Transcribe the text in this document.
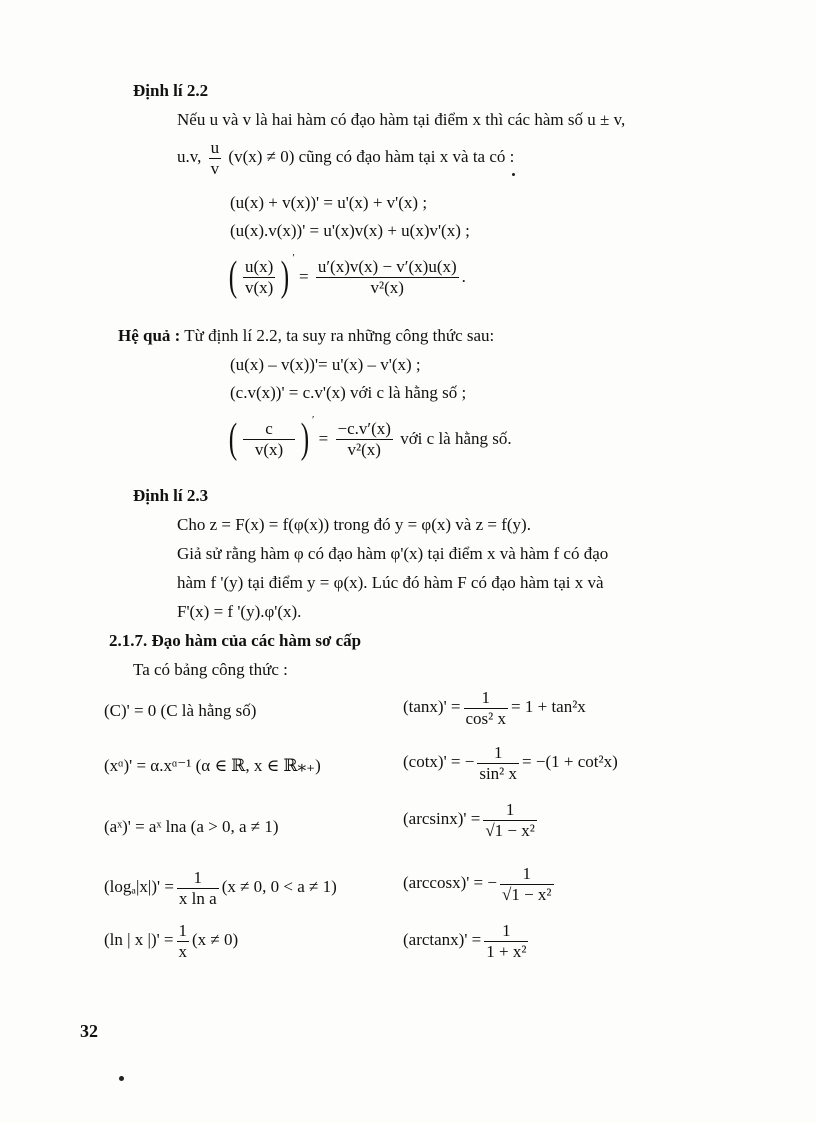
Định lí 2.2
Nếu u và v là hai hàm có đạo hàm tại điểm x thì các hàm số u ± v,
u.v, $\frac{u}{v} (v(x) \ne 0)$ cũng có đạo hàm tại x và ta có :
(u(x) + v(x))' = u'(x) + v'(x) ;
(u(x).v(x))' = u'(x)v(x) + u(x)v'(x) ;
( $\frac{u(x)}{v(x)}$ ) $' = \frac{u'(x)v(x) - v'(x)u(x)}{\text{v²(x)}}$ .
Hệ quả : Từ định lí 2.2, ta suy ra những công thức sau:
(u(x) – v(x))'= u'(x) – v'(x) ;
(c.v(x))' = c.v'(x) với c là hằng số ;
( $\frac{c}{v(x)}$ ) $' = \frac{-c.v'(x)}{\text{v²(x)}}$ với c là hằng số.
Định lí 2.3
Cho z = F(x) = f(φ(x)) trong đó y = φ(x) và z = f(y).
Giả sử rằng hàm φ có đạo hàm φ'(x) tại điểm x và hàm f có đạo
hàm f '(y) tại điểm y = φ(x). Lúc đó hàm F có đạo hàm tại x và
F'(x) = f '(y).φ'(x).
2.1.7. Đạo hàm của các hàm sơ cấp
Ta có bảng công thức :
(C)' = 0 (C là hằng số)	$(\tan x)' = \frac{1}{\text{cos² x}} = 1 + \tan^2x$
(xᵅ)' = α.xᵅ⁻¹ (α ∈ ℝ, x ∈ ℝ⁎₊)	(cotx)' = − $\frac{1}{\text{sin² x}} = -(1 + \cot^2x)$
(aˣ)' = aˣ lna (a > 0, a ≠ 1)	$(\arcsin x)' = \frac{1}{\text{√1 − x²}}$
$(\log_a|x|)' = \frac{1}{\text{x ln a}} (x \ne 0$, 0 < a ≠ 1)	(arccosx)' = − $\frac{1}{\text{√1 − x²}}$
(ln | x |)' = $\frac{1}{x} (x \ne 0)$	$(\arctan x)' = \frac{1}{\text{1 + x²}}$
32
